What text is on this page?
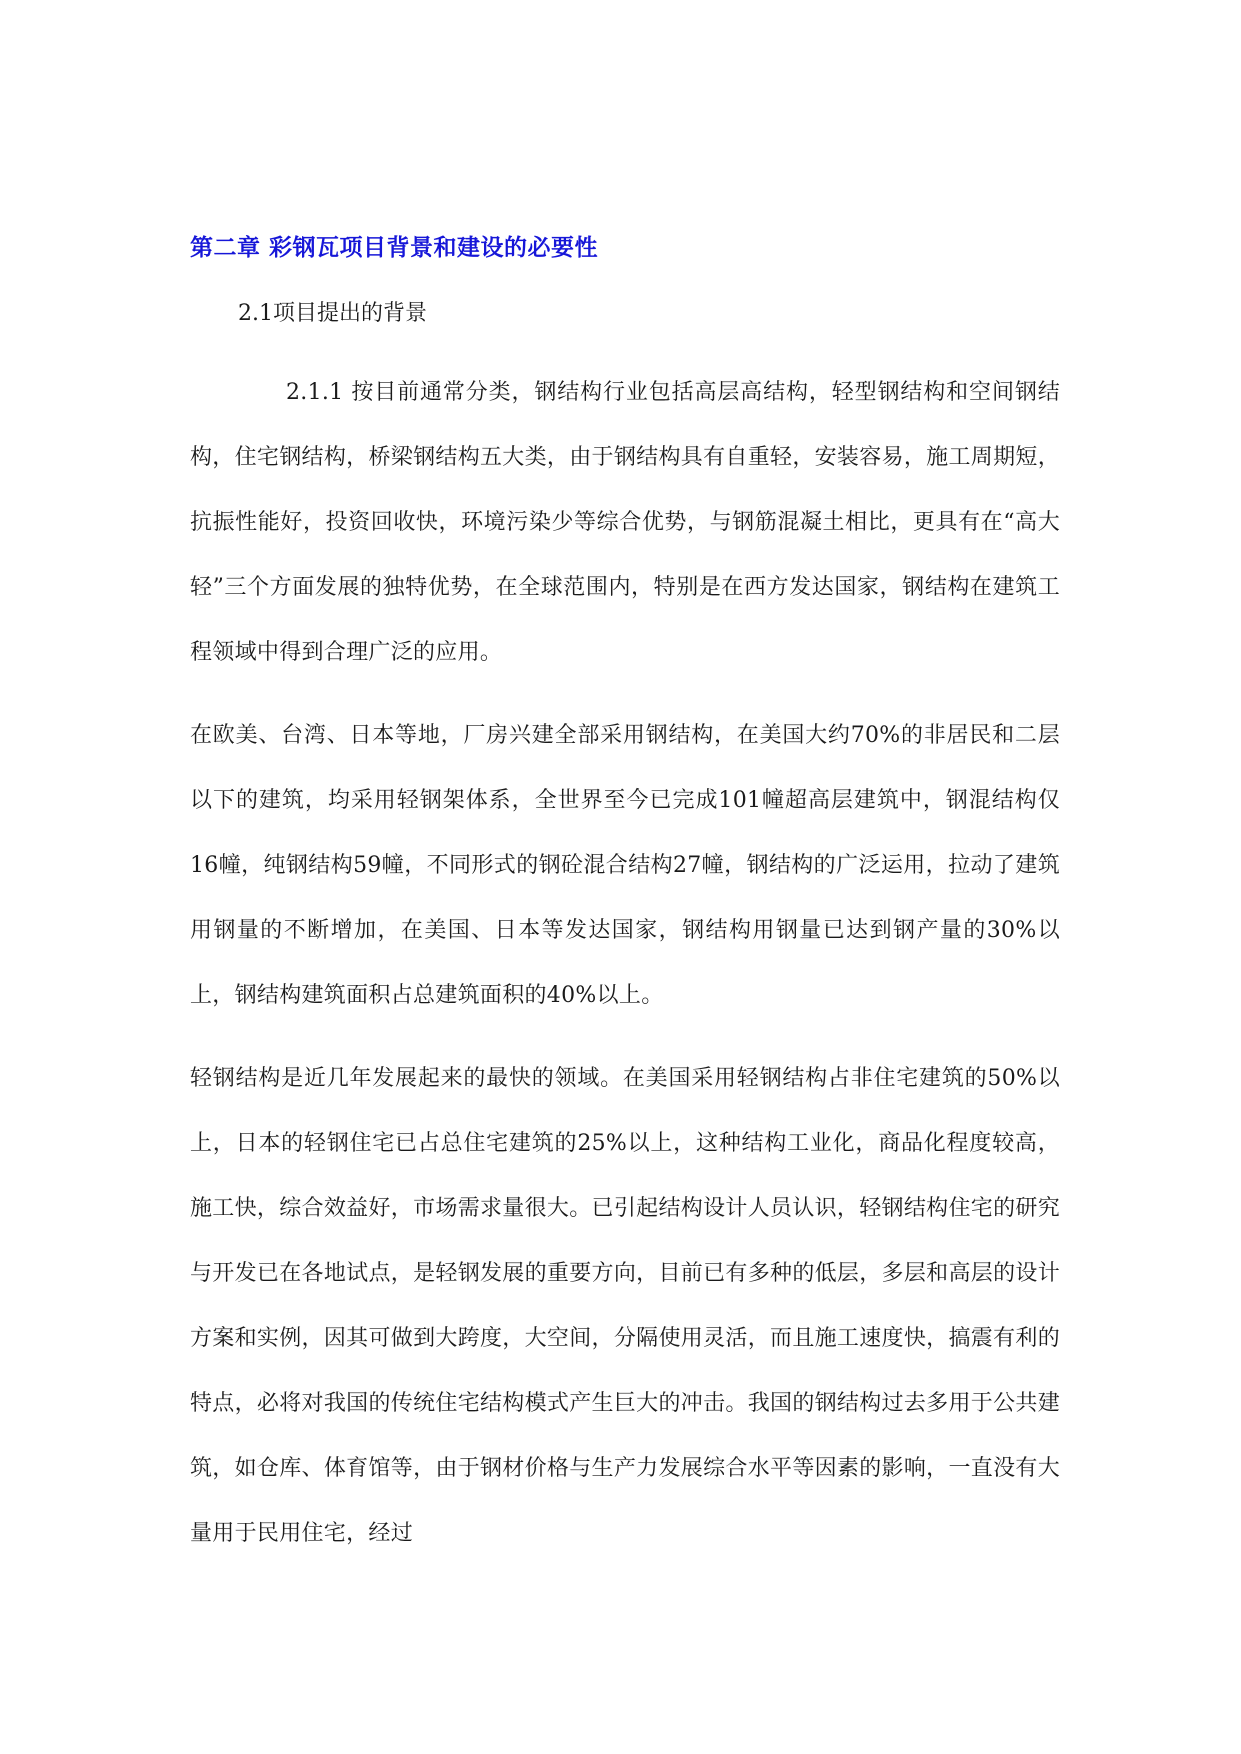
第二章 彩钢瓦项目背景和建设的必要性
2.1项目提出的背景

2.1.1 按目前通常分类，钢结构行业包括高层高结构，轻型钢结构和空间钢结构，住宅钢结构，桥梁钢结构五大类，由于钢结构具有自重轻，安装容易，施工周期短，抗振性能好，投资回收快，环境污染少等综合优势，与钢筋混凝土相比，更具有在“高大轻”三个方面发展的独特优势，在全球范围内，特别是在西方发达国家，钢结构在建筑工程领域中得到合理广泛的应用。

在欧美、台湾、日本等地，厂房兴建全部采用钢结构，在美国大约70%的非居民和二层以下的建筑，均采用轻钢架体系，全世界至今已完成101幢超高层建筑中，钢混结构仅16幢，纯钢结构59幢，不同形式的钢砼混合结构27幢，钢结构的广泛运用，拉动了建筑用钢量的不断增加，在美国、日本等发达国家，钢结构用钢量已达到钢产量的30%以上，钢结构建筑面积占总建筑面积的40%以上。

轻钢结构是近几年发展起来的最快的领域。在美国采用轻钢结构占非住宅建筑的50%以上，日本的轻钢住宅已占总住宅建筑的25%以上，这种结构工业化，商品化程度较高，施工快，综合效益好，市场需求量很大。已引起结构设计人员认识，轻钢结构住宅的研究与开发已在各地试点，是轻钢发展的重要方向，目前已有多种的低层，多层和高层的设计方案和实例，因其可做到大跨度，大空间，分隔使用灵活，而且施工速度快，搞震有利的特点，必将对我国的传统住宅结构模式产生巨大的冲击。我国的钢结构过去多用于公共建筑，如仓库、体育馆等，由于钢材价格与生产力发展综合水平等因素的影响，一直没有大量用于民用住宅，经过
